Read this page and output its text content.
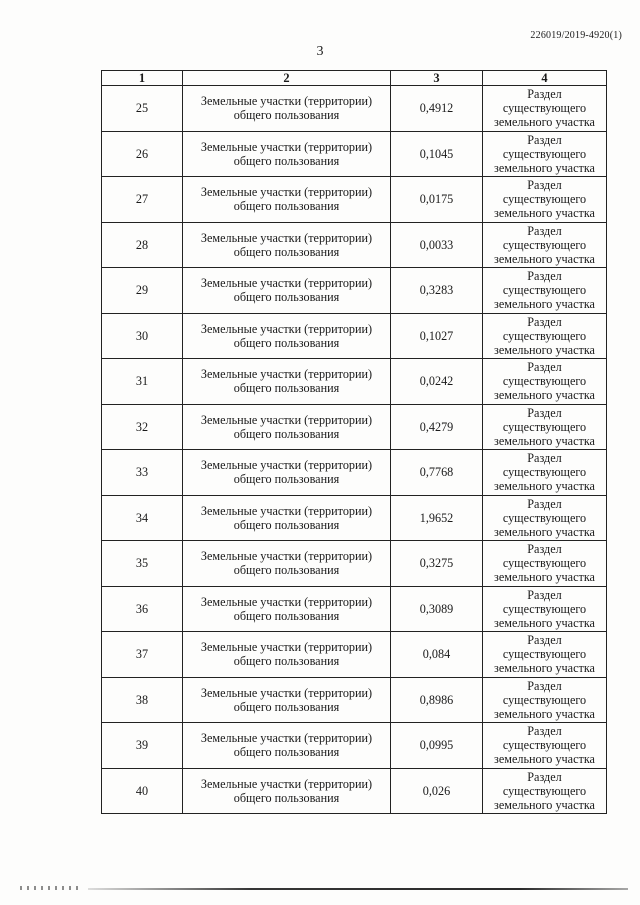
226019/2019-4920(1)
3
1	2	3	4
25	Земельные участки (территории) общего пользования	0,4912	Раздел существующего земельного участка
26	Земельные участки (территории) общего пользования	0,1045	Раздел существующего земельного участка
27	Земельные участки (территории) общего пользования	0,0175	Раздел существующего земельного участка
28	Земельные участки (территории) общего пользования	0,0033	Раздел существующего земельного участка
29	Земельные участки (территории) общего пользования	0,3283	Раздел существующего земельного участка
30	Земельные участки (территории) общего пользования	0,1027	Раздел существующего земельного участка
31	Земельные участки (территории) общего пользования	0,0242	Раздел существующего земельного участка
32	Земельные участки (территории) общего пользования	0,4279	Раздел существующего земельного участка
33	Земельные участки (территории) общего пользования	0,7768	Раздел существующего земельного участка
34	Земельные участки (территории) общего пользования	1,9652	Раздел существующего земельного участка
35	Земельные участки (территории) общего пользования	0,3275	Раздел существующего земельного участка
36	Земельные участки (территории) общего пользования	0,3089	Раздел существующего земельного участка
37	Земельные участки (территории) общего пользования	0,084	Раздел существующего земельного участка
38	Земельные участки (территории) общего пользования	0,8986	Раздел существующего земельного участка
39	Земельные участки (территории) общего пользования	0,0995	Раздел существующего земельного участка
40	Земельные участки (территории) общего пользования	0,026	Раздел существующего земельного участка
